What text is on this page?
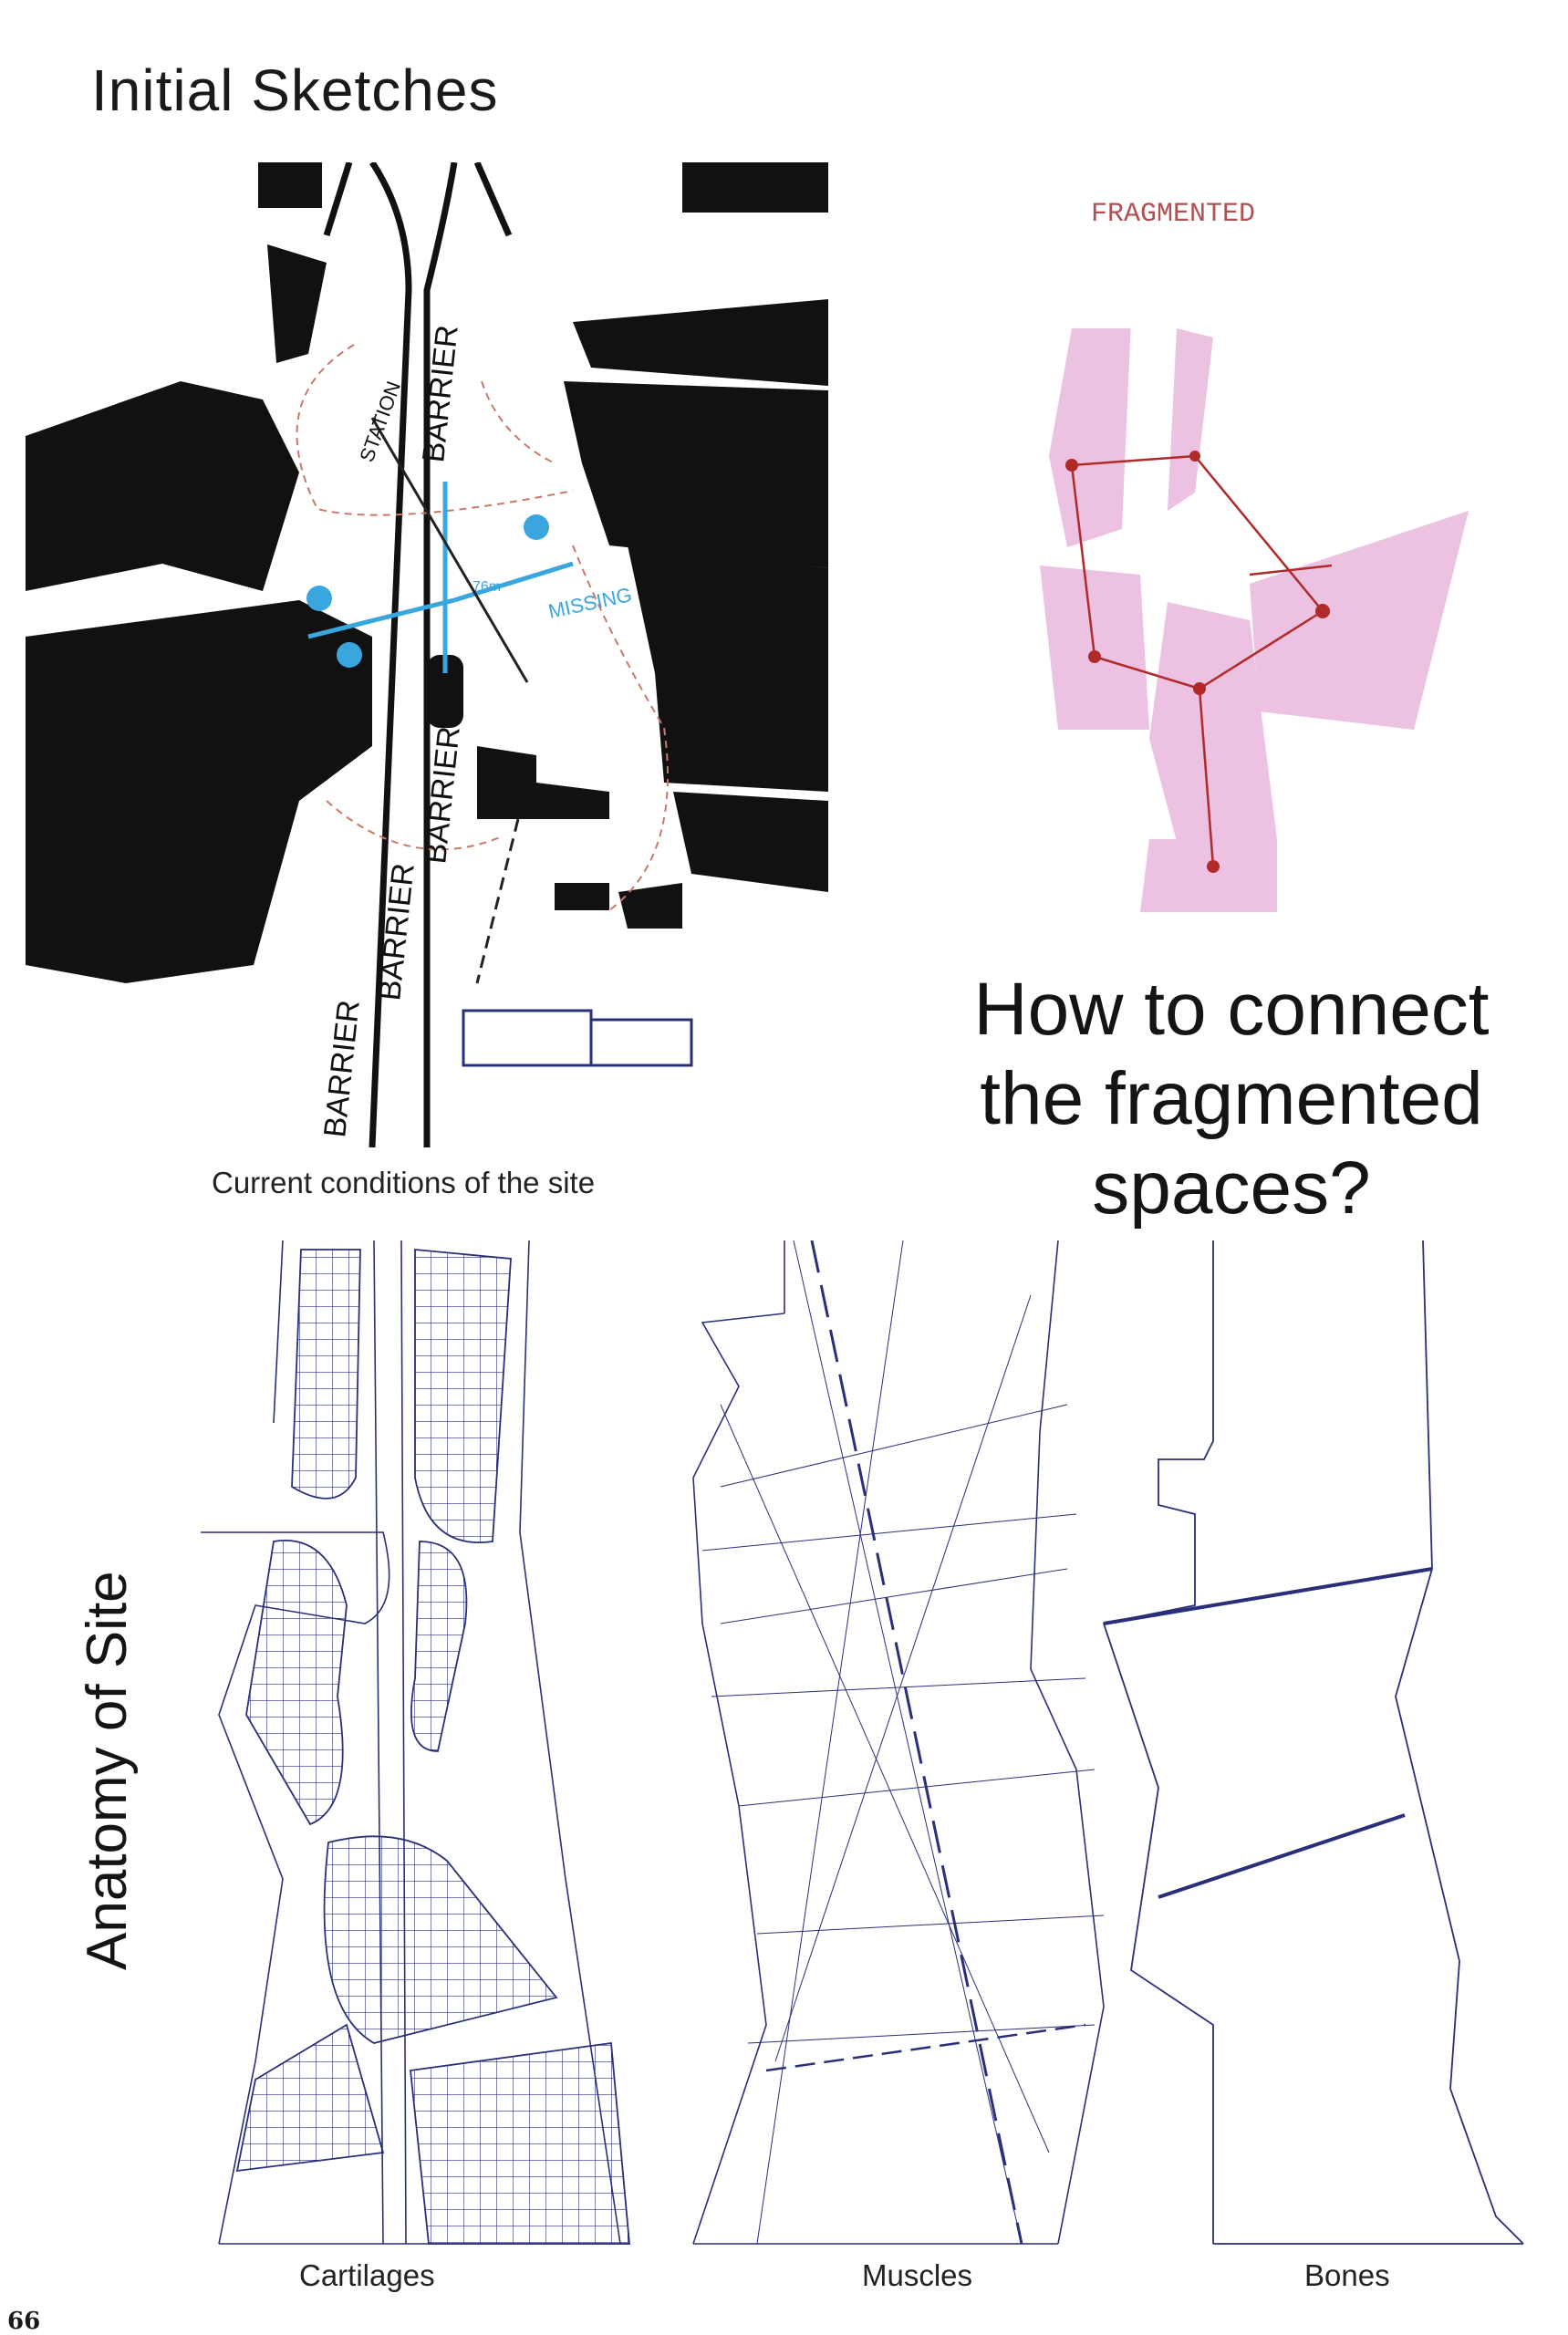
Initial Sketches
BARRIER
BARRIER
BARRIER
BARRIER
STATION
MISSING
76m
FRAGMENTED
Current conditions of the site
How to connect the fragmented spaces?
Anatomy of Site
Cartilages	Muscles	Bones
66
